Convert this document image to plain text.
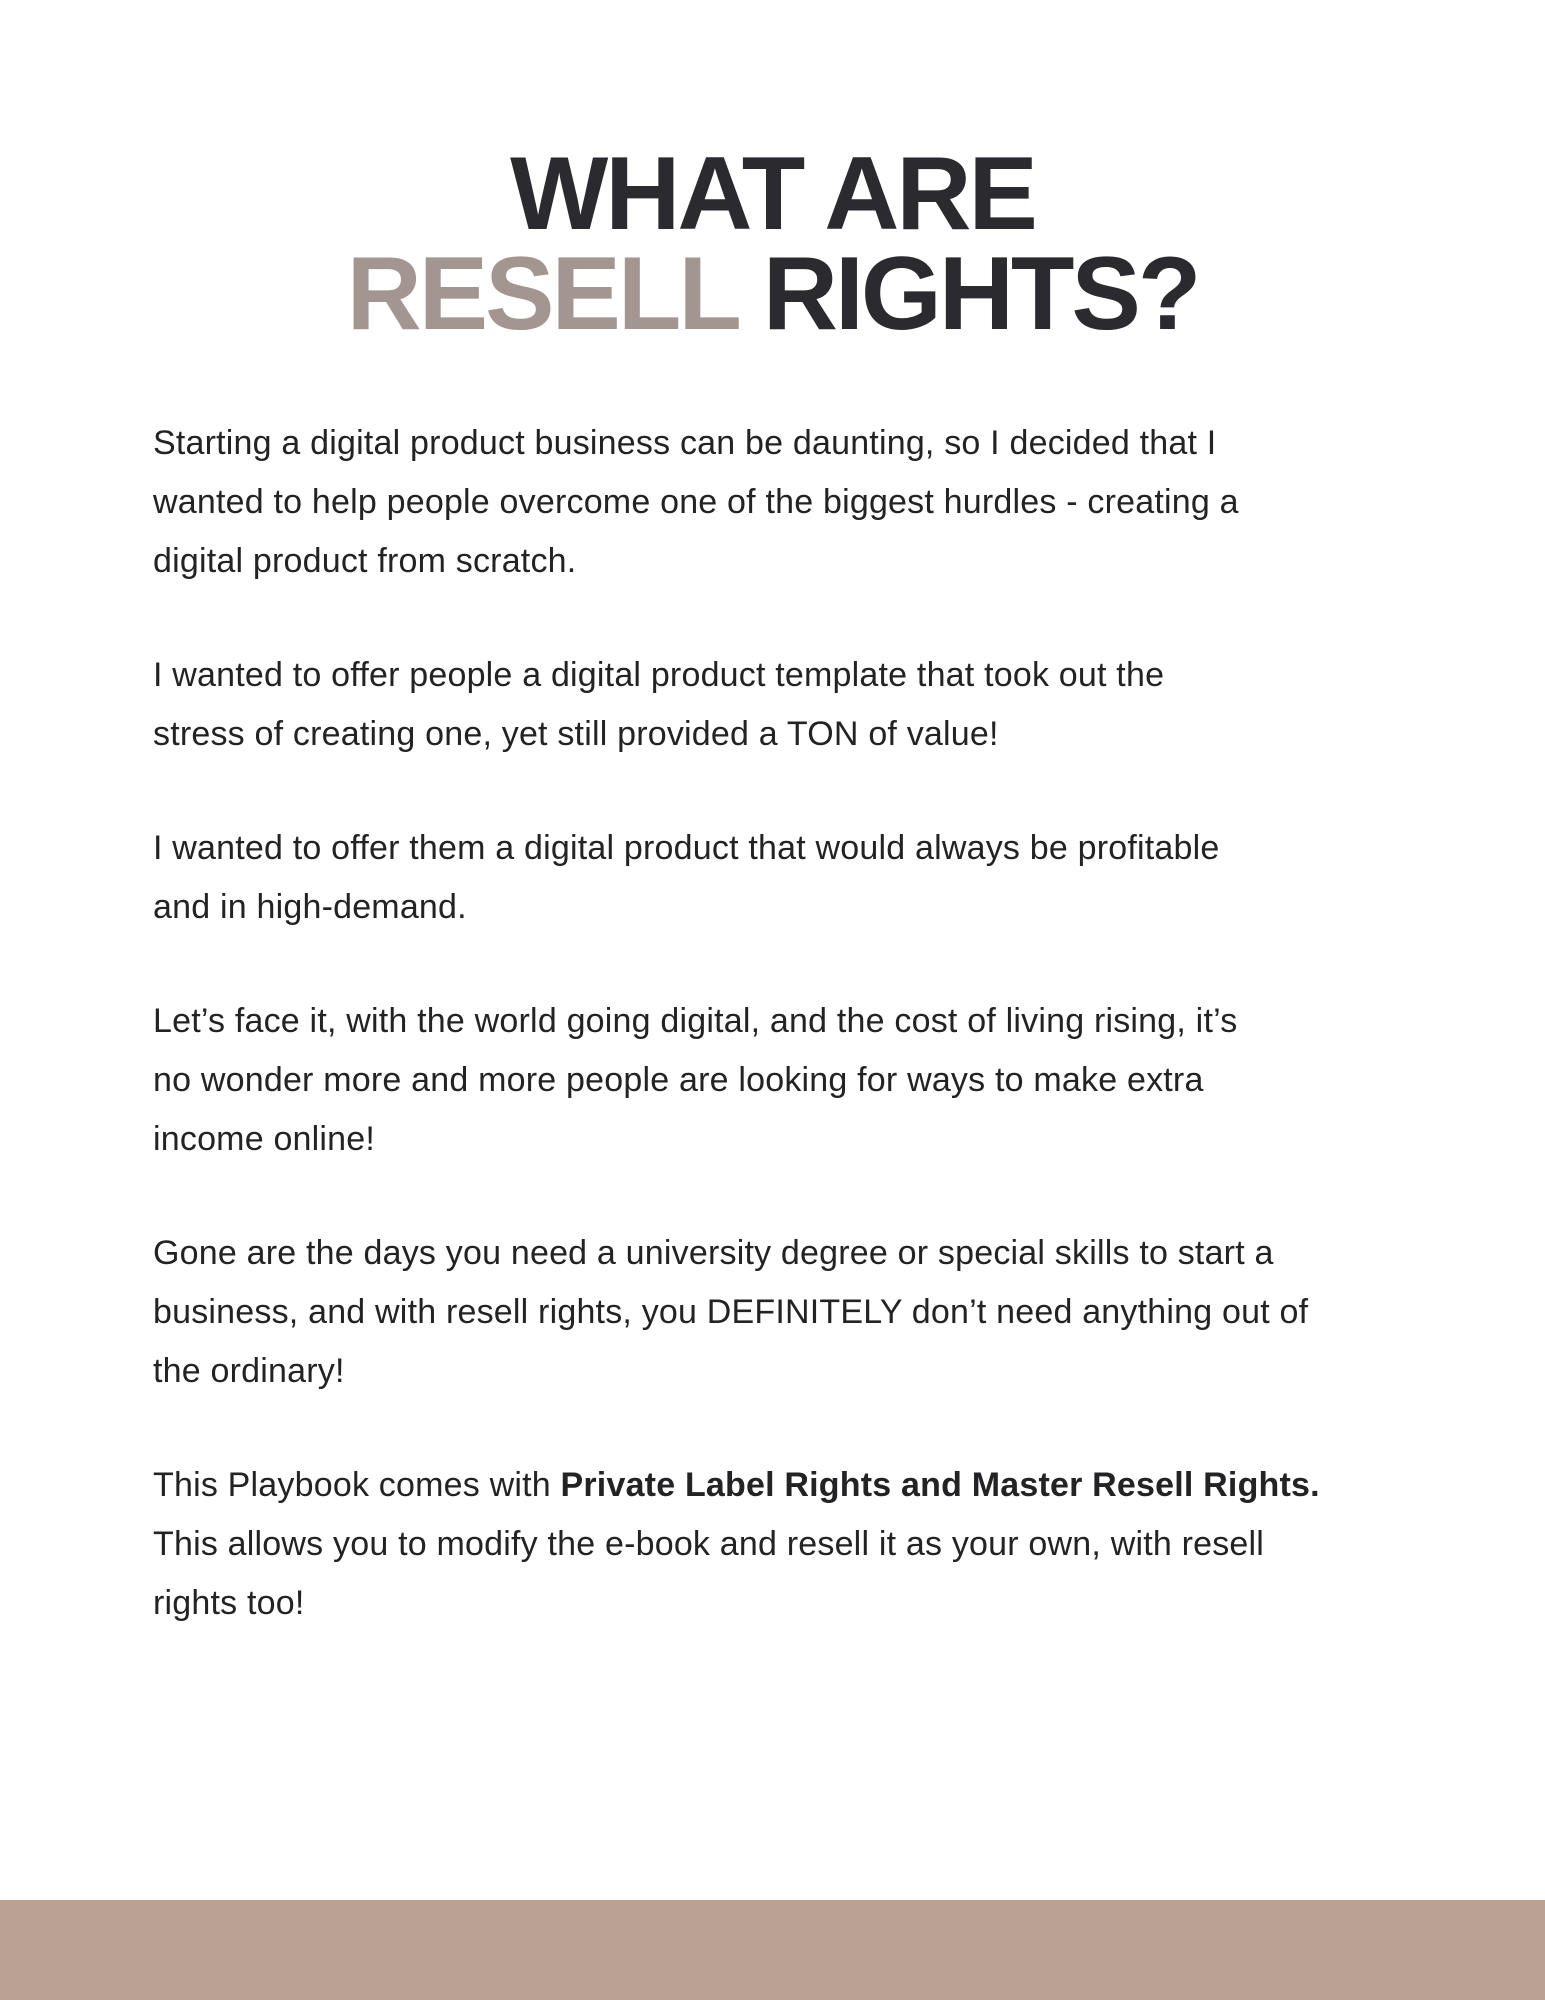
WHAT ARE
RESELL RIGHTS?
Starting a digital product business can be daunting, so I decided that I
wanted to help people overcome one of the biggest hurdles - creating a
digital product from scratch.
I wanted to offer people a digital product template that took out the
stress of creating one, yet still provided a TON of value!
I wanted to offer them a digital product that would always be profitable
and in high-demand.
Let’s face it, with the world going digital, and the cost of living rising, it’s
no wonder more and more people are looking for ways to make extra
income online!
Gone are the days you need a university degree or special skills to start a
business, and with resell rights, you DEFINITELY don’t need anything out of
the ordinary!
This Playbook comes with Private Label Rights and Master Resell Rights.
This allows you to modify the e-book and resell it as your own, with resell
rights too!
